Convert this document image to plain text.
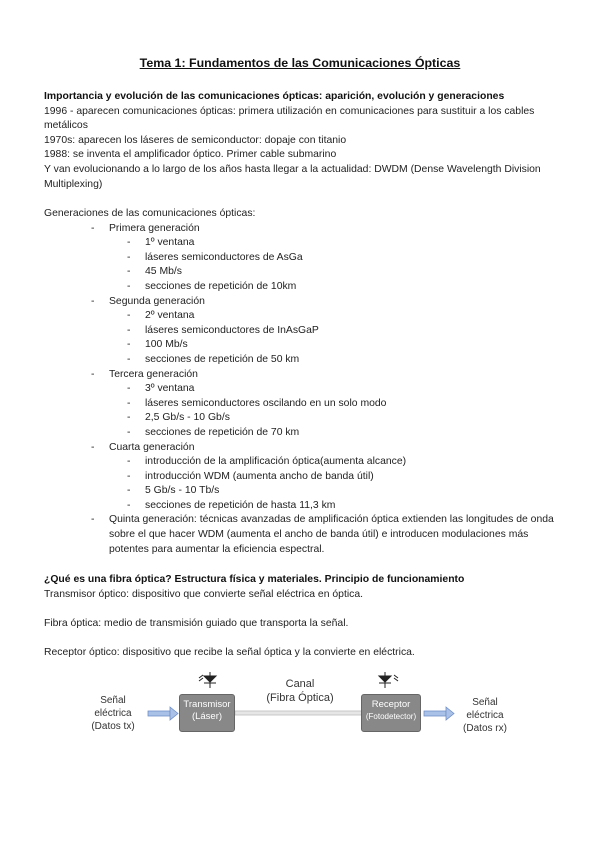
Tema 1: Fundamentos de las Comunicaciones Ópticas

Importancia y evolución de las comunicaciones ópticas: aparición, evolución y generaciones

1996 - aparecen comunicaciones ópticas: primera utilización en comunicaciones para sustituir a los cables metálicos

1970s: aparecen los láseres de semiconductor: dopaje con titanio

1988: se inventa el amplificador óptico. Primer cable submarino

Y van evolucionando a lo largo de los años hasta llegar a la actualidad: DWDM (Dense Wavelength Division Multiplexing)

Generaciones de las comunicaciones ópticas:

- Primera generación
- 1º ventana
- láseres semiconductores de AsGa
- 45 Mb/s
- secciones de repetición de 10km
- Segunda generación
- 2º ventana
- láseres semiconductores de InAsGaP
- 100 Mb/s
- secciones de repetición de 50 km
- Tercera generación
- 3º ventana
- láseres semiconductores oscilando en un solo modo
- 2,5 Gb/s - 10 Gb/s
- secciones de repetición de 70 km
- Cuarta generación
- introducción de la amplificación óptica(aumenta alcance)
- introducción WDM (aumenta ancho de banda útil)
- 5 Gb/s - 10 Tb/s
- secciones de repetición de hasta 11,3 km
- Quinta generación: técnicas avanzadas de amplificación óptica extienden las longitudes de onda sobre el que hacer WDM (aumenta el ancho de banda útil) e introducen modulaciones más potentes para aumentar la eficiencia espectral.

¿Qué es una fibra óptica? Estructura física y materiales. Principio de funcionamiento

Transmisor óptico: dispositivo que convierte señal eléctrica en óptica.

Fibra óptica: medio de transmisión guiado que transporta la señal.

Receptor óptico: dispositivo que recibe la señal óptica y la convierte en eléctrica.

Señal
eléctrica
(Datos tx)
Transmisor
(Láser)
Canal
(Fibra Óptica)
Receptor
(Fotodetector)
Señal
eléctrica
(Datos rx)
